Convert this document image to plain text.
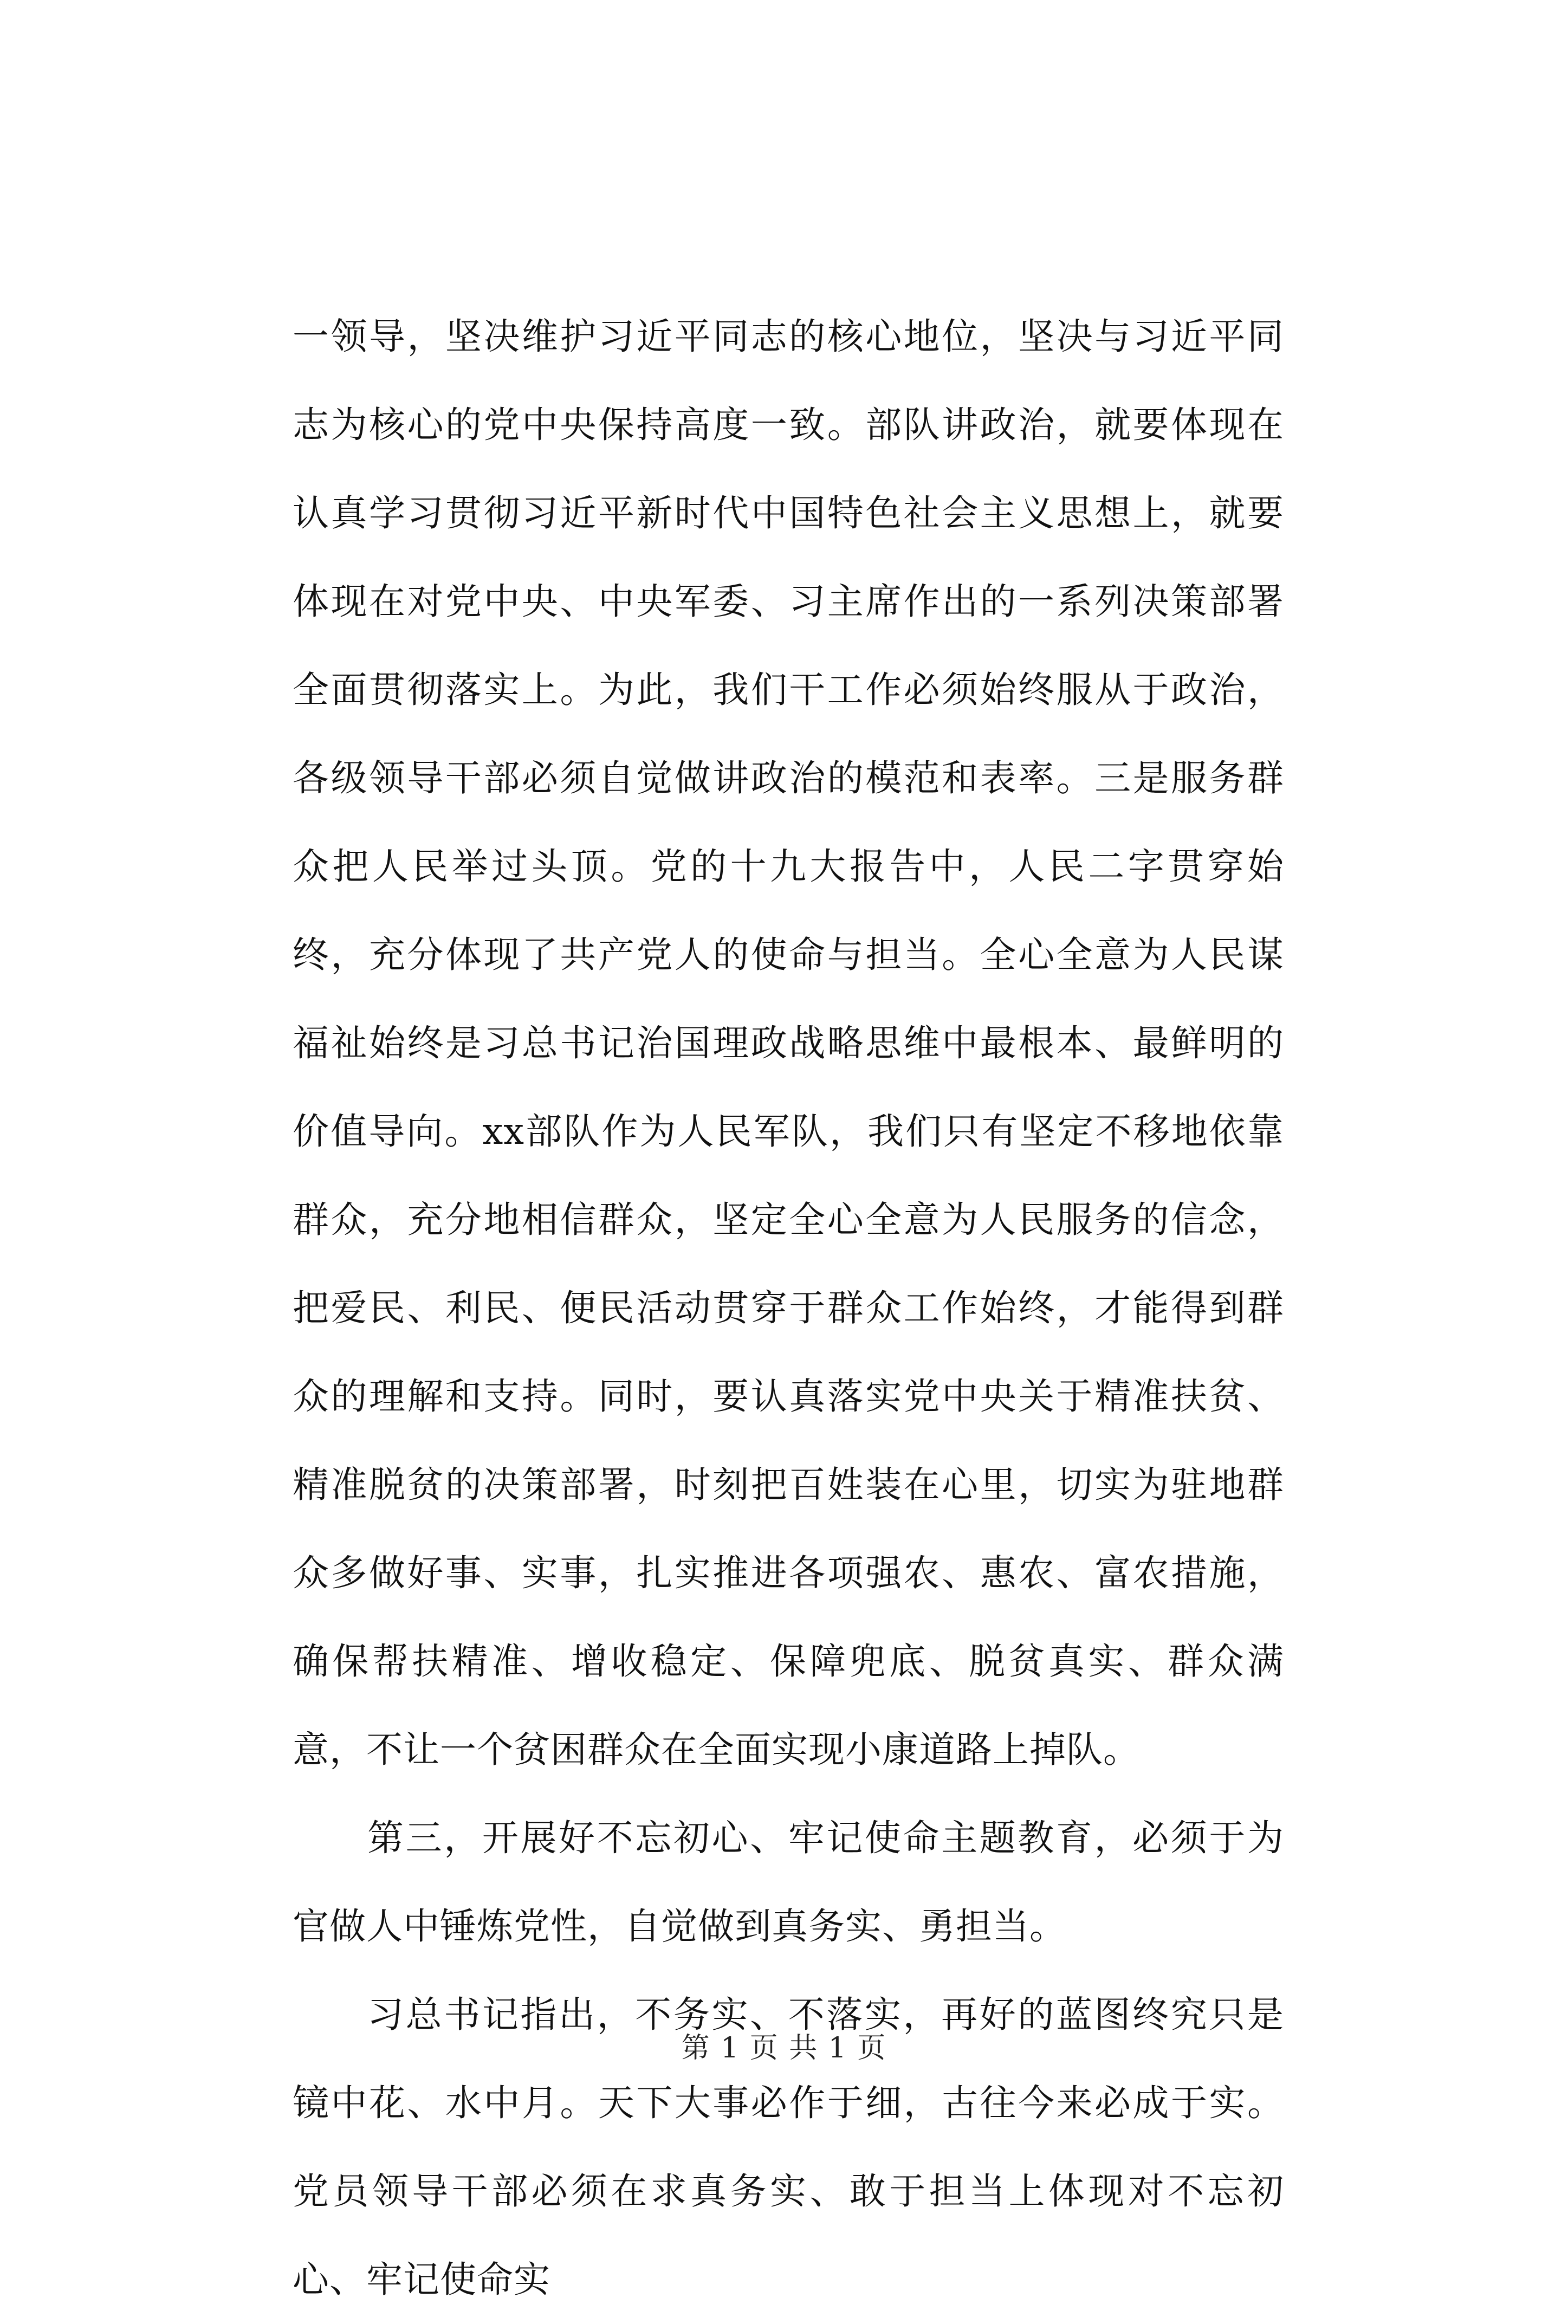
一领导，坚决维护习近平同志的核心地位，坚决与习近平同志为核心的党中央保持高度一致。部队讲政治，就要体现在认真学习贯彻习近平新时代中国特色社会主义思想上，就要体现在对党中央、中央军委、习主席作出的一系列决策部署全面贯彻落实上。为此，我们干工作必须始终服从于政治，各级领导干部必须自觉做讲政治的模范和表率。三是服务群众把人民举过头顶。党的十九大报告中，人民二字贯穿始终，充分体现了共产党人的使命与担当。全心全意为人民谋福祉始终是习总书记治国理政战略思维中最根本、最鲜明的价值导向。xx部队作为人民军队，我们只有坚定不移地依靠群众，充分地相信群众，坚定全心全意为人民服务的信念，把爱民、利民、便民活动贯穿于群众工作始终，才能得到群众的理解和支持。同时，要认真落实党中央关于精准扶贫、精准脱贫的决策部署，时刻把百姓装在心里，切实为驻地群众多做好事、实事，扎实推进各项强农、惠农、富农措施，确保帮扶精准、增收稳定、保障兜底、脱贫真实、群众满意，不让一个贫困群众在全面实现小康道路上掉队。

第三，开展好不忘初心、牢记使命主题教育，必须于为官做人中锤炼党性，自觉做到真务实、勇担当。

习总书记指出，不务实、不落实，再好的蓝图终究只是镜中花、水中月。天下大事必作于细，古往今来必成于实。党员领导干部必须在求真务实、敢于担当上体现对不忘初心、牢记使命实

第 1 页 共 1 页
